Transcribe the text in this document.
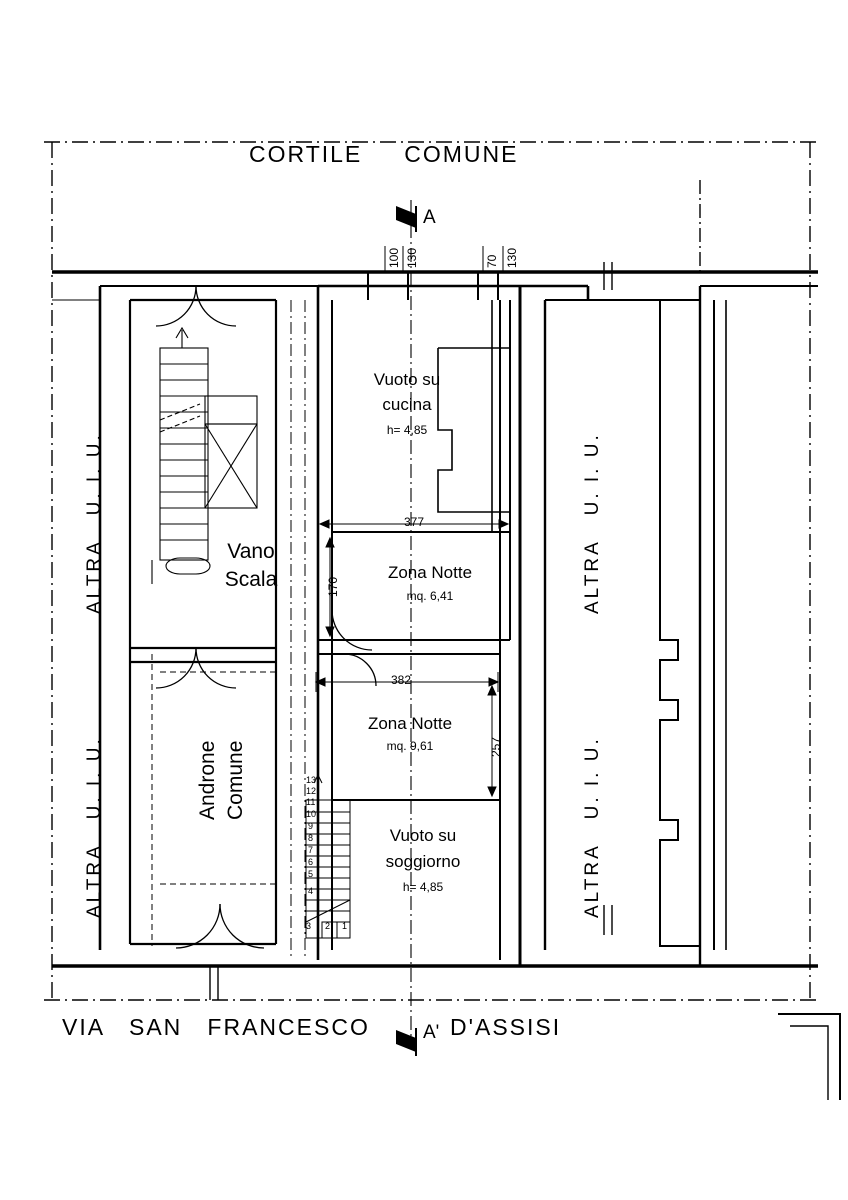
CORTILE     COMUNE
VIA   SAN   FRANCESCO	D'ASSISI
A
A'
ALTRA   U. I. U.
ALTRA   U. I. U.
ALTRA   U. I. U.
ALTRA   U. I. U.
Vuoto su
cucina
h= 4,85
Zona Notte
mq. 6,41
Zona Notte
mq. 9,61
Vuoto su
soggiorno
h= 4,85
Vano
Scala
Androne Comune
100 130	70 130
377
170
382
257
13
12
11
10
9
8
7
6
5
4
3 2 1
